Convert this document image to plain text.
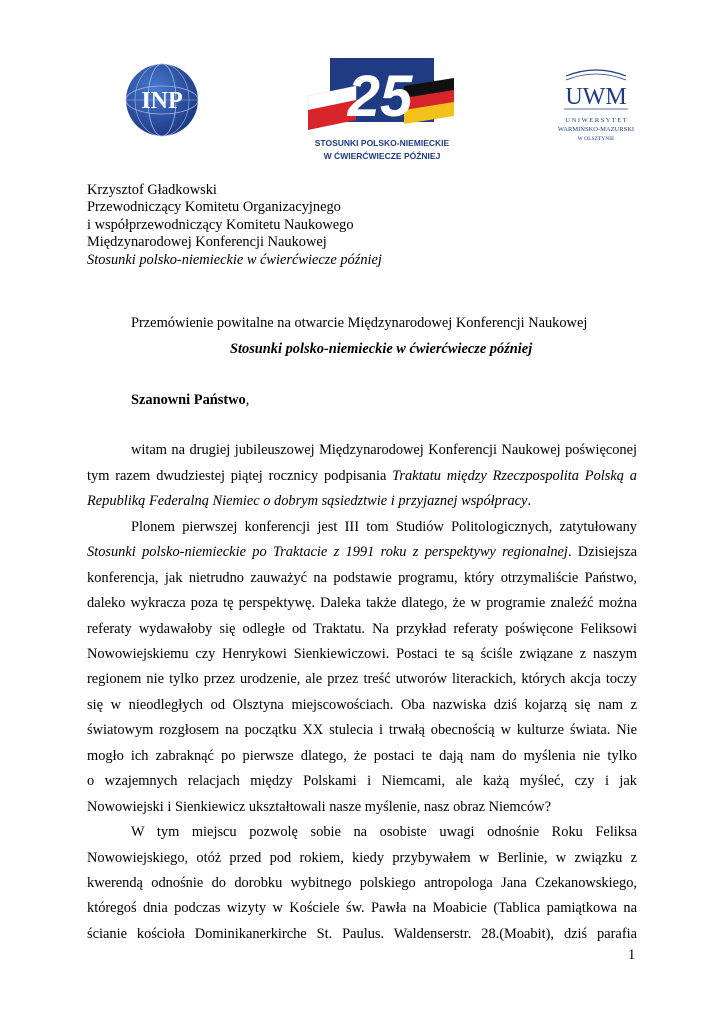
INP	25
STOSUNKI POLSKO-NIEMIECKIE
W ĆWIERĆWIECZE PÓŹNIEJ
UWM
U N I W E R S Y T E T
WARMIŃSKO-MAZURSKI
W OLSZTYNIE
Krzysztof Gładkowski
Przewodniczący Komitetu Organizacyjnego
i współprzewodniczący Komitetu Naukowego
Międzynarodowej Konferencji Naukowej
Stosunki polsko-niemieckie w ćwierćwiecze później
Przemówienie powitalne na otwarcie Międzynarodowej Konferencji Naukowej
Stosunki polsko-niemieckie w ćwierćwiecze później
Szanowni Państwo,
witam na drugiej jubileuszowej Międzynarodowej Konferencji Naukowej poświęconej
tym razem dwudziestej piątej rocznicy podpisania Traktatu między Rzeczpospolita Polską a
Republiką Federalną Niemiec o dobrym sąsiedztwie i przyjaznej współpracy.
Plonem pierwszej konferencji jest III tom Studiów Politologicznych, zatytułowany
Stosunki polsko-niemieckie po Traktacie z 1991 roku z perspektywy regionalnej. Dzisiejsza
konferencja, jak nietrudno zauważyć na podstawie programu, który otrzymaliście Państwo,
daleko wykracza poza tę perspektywę. Daleka także dlatego, że w programie znaleźć można
referaty wydawałoby się odległe od Traktatu. Na przykład referaty poświęcone Feliksowi
Nowowiejskiemu czy Henrykowi Sienkiewiczowi. Postaci te są ściśle związane z naszym
regionem nie tylko przez urodzenie, ale przez treść utworów literackich, których akcja toczy
się w nieodległych od Olsztyna miejscowościach. Oba nazwiska dziś kojarzą się nam z
światowym rozgłosem na początku XX stulecia i trwałą obecnością w kulturze świata. Nie
mogło ich zabraknąć po pierwsze dlatego, że postaci te dają nam do myślenia nie tylko
o wzajemnych relacjach między Polskami i Niemcami, ale każą myśleć, czy i jak
Nowowiejski i Sienkiewicz ukształtowali nasze myślenie, nasz obraz Niemców?
W tym miejscu pozwolę sobie na osobiste uwagi odnośnie Roku Feliksa
Nowowiejskiego, otóż przed pod rokiem, kiedy przybywałem w Berlinie, w związku z
kwerendą odnośnie do dorobku wybitnego polskiego antropologa Jana Czekanowskiego,
któregoś dnia podczas wizyty w Kościele św. Pawła na Moabicie (Tablica pamiątkowa na
ścianie kościoła Dominikanerkirche St. Paulus. Waldenserstr. 28.(Moabit), dziś parafia
1
